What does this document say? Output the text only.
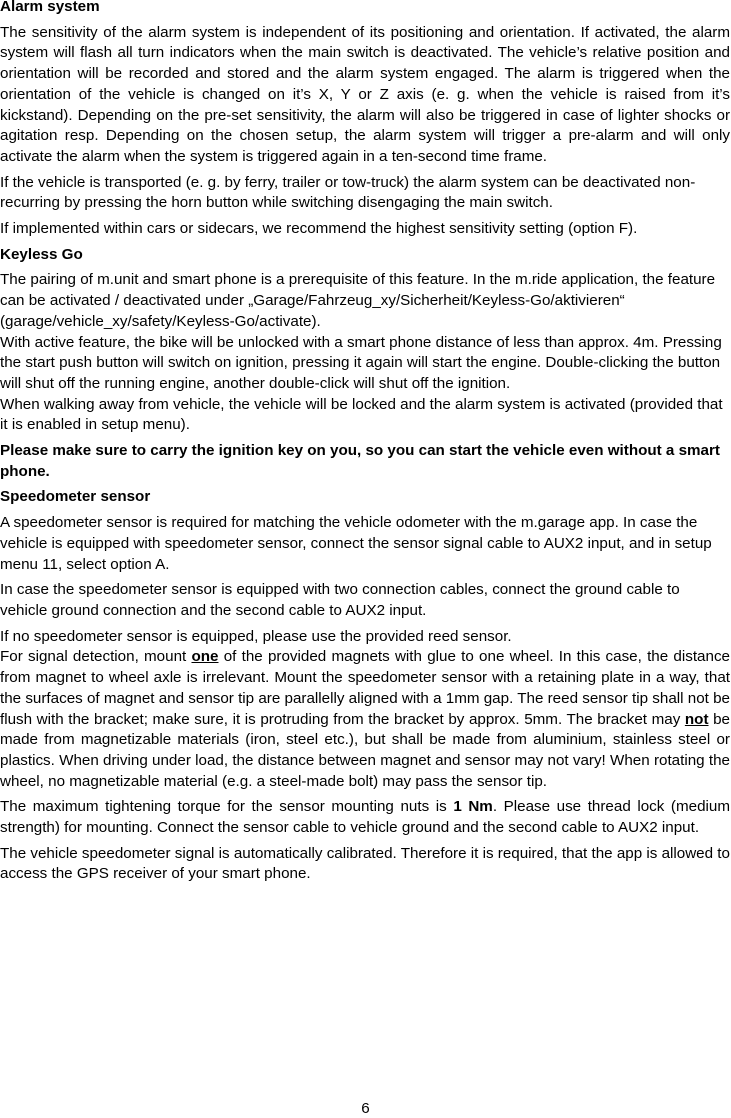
Alarm system

The sensitivity of the alarm system is independent of its positioning and orientation. If activated, the alarm system will flash all turn indicators when the main switch is deactivated. The vehicle’s relative position and orientation will be recorded and stored and the alarm system engaged. The alarm is triggered when the orientation of the vehicle is changed on it’s X, Y or Z axis (e. g. when the vehicle is raised from it’s kickstand). Depending on the pre-set sensitivity, the alarm will also be triggered in case of lighter shocks or agitation resp. Depending on the chosen setup, the alarm system will trigger a pre-alarm and will only activate the alarm when the system is triggered again in a ten-second time frame.

If the vehicle is transported (e. g. by ferry, trailer or tow-truck) the alarm system can be deactivated non-recurring by pressing the horn button while switching disengaging the main switch.

If implemented within cars or sidecars, we recommend the highest sensitivity setting (option F).

Keyless Go

The pairing of m.unit and smart phone is a prerequisite of this feature. In the m.ride application, the feature can be activated / deactivated under „Garage/Fahrzeug_xy/Sicherheit/Keyless-Go/aktivieren“ (garage/vehicle_xy/safety/Keyless-Go/activate).

With active feature, the bike will be unlocked with a smart phone distance of less than approx. 4m. Pressing the start push button will switch on ignition, pressing it again will start the engine. Double-clicking the button will shut off the running engine, another double-click will shut off the ignition.

When walking away from vehicle, the vehicle will be locked and the alarm system is activated (provided that it is enabled in setup menu).

Please make sure to carry the ignition key on you, so you can start the vehicle even without a smart phone.

Speedometer sensor

A speedometer sensor is required for matching the vehicle odometer with the m.garage app. In case the vehicle is equipped with speedometer sensor, connect the sensor signal cable to AUX2 input, and in setup menu 11, select option A.

In case the speedometer sensor is equipped with two connection cables, connect the ground cable to vehicle ground connection and the second cable to AUX2 input.

If no speedometer sensor is equipped, please use the provided reed sensor.

For signal detection, mount one of the provided magnets with glue to one wheel. In this case, the distance from magnet to wheel axle is irrelevant. Mount the speedometer sensor with a retaining plate in a way, that the surfaces of magnet and sensor tip are parallelly aligned with a 1mm gap. The reed sensor tip shall not be flush with the bracket; make sure, it is protruding from the bracket by approx. 5mm. The bracket may not be made from magnetizable materials (iron, steel etc.), but shall be made from aluminium, stainless steel or plastics. When driving under load, the distance between magnet and sensor may not vary! When rotating the wheel, no magnetizable material (e.g. a steel-made bolt) may pass the sensor tip.

The maximum tightening torque for the sensor mounting nuts is 1 Nm. Please use thread lock (medium strength) for mounting. Connect the sensor cable to vehicle ground and the second cable to AUX2 input.

The vehicle speedometer signal is automatically calibrated. Therefore it is required, that the app is allowed to access the GPS receiver of your smart phone.

6
